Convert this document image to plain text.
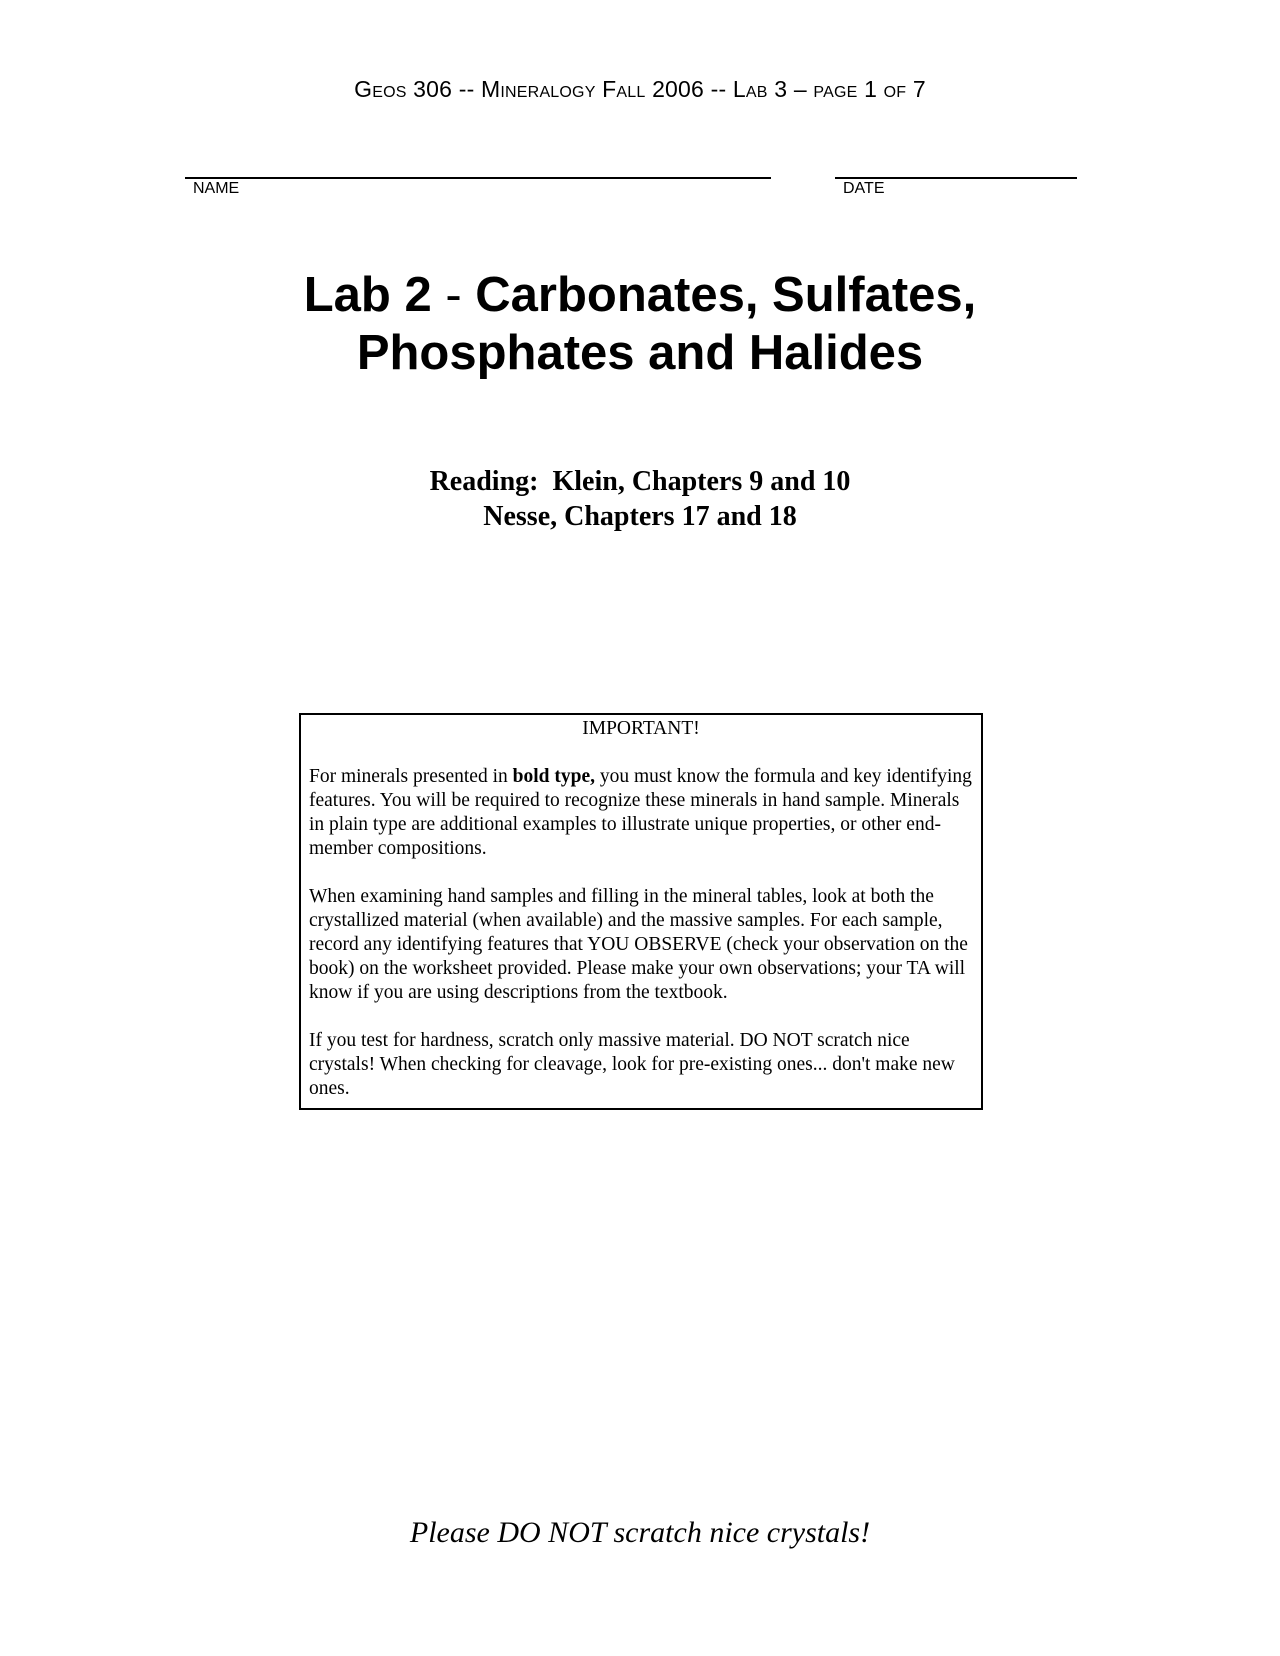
Geos 306 -- Mineralogy Fall 2006 -- Lab 3 – page 1 of 7
NAME	DATE
Lab 2 - Carbonates, Sulfates,
Phosphates and Halides
Reading:  Klein, Chapters 9 and 10
Nesse, Chapters 17 and 18
IMPORTANT!

For minerals presented in bold type, you must know the formula and key identifying features. You will be required to recognize these minerals in hand sample. Minerals in plain type are additional examples to illustrate unique properties, or other end-member compositions.

When examining hand samples and filling in the mineral tables, look at both the crystallized material (when available) and the massive samples. For each sample, record any identifying features that YOU OBSERVE (check your observation on the book) on the worksheet provided. Please make your own observations; your TA will know if you are using descriptions from the textbook.

If you test for hardness, scratch only massive material. DO NOT scratch nice crystals! When checking for cleavage, look for pre-existing ones... don't make new ones.

Please DO NOT scratch nice crystals!
